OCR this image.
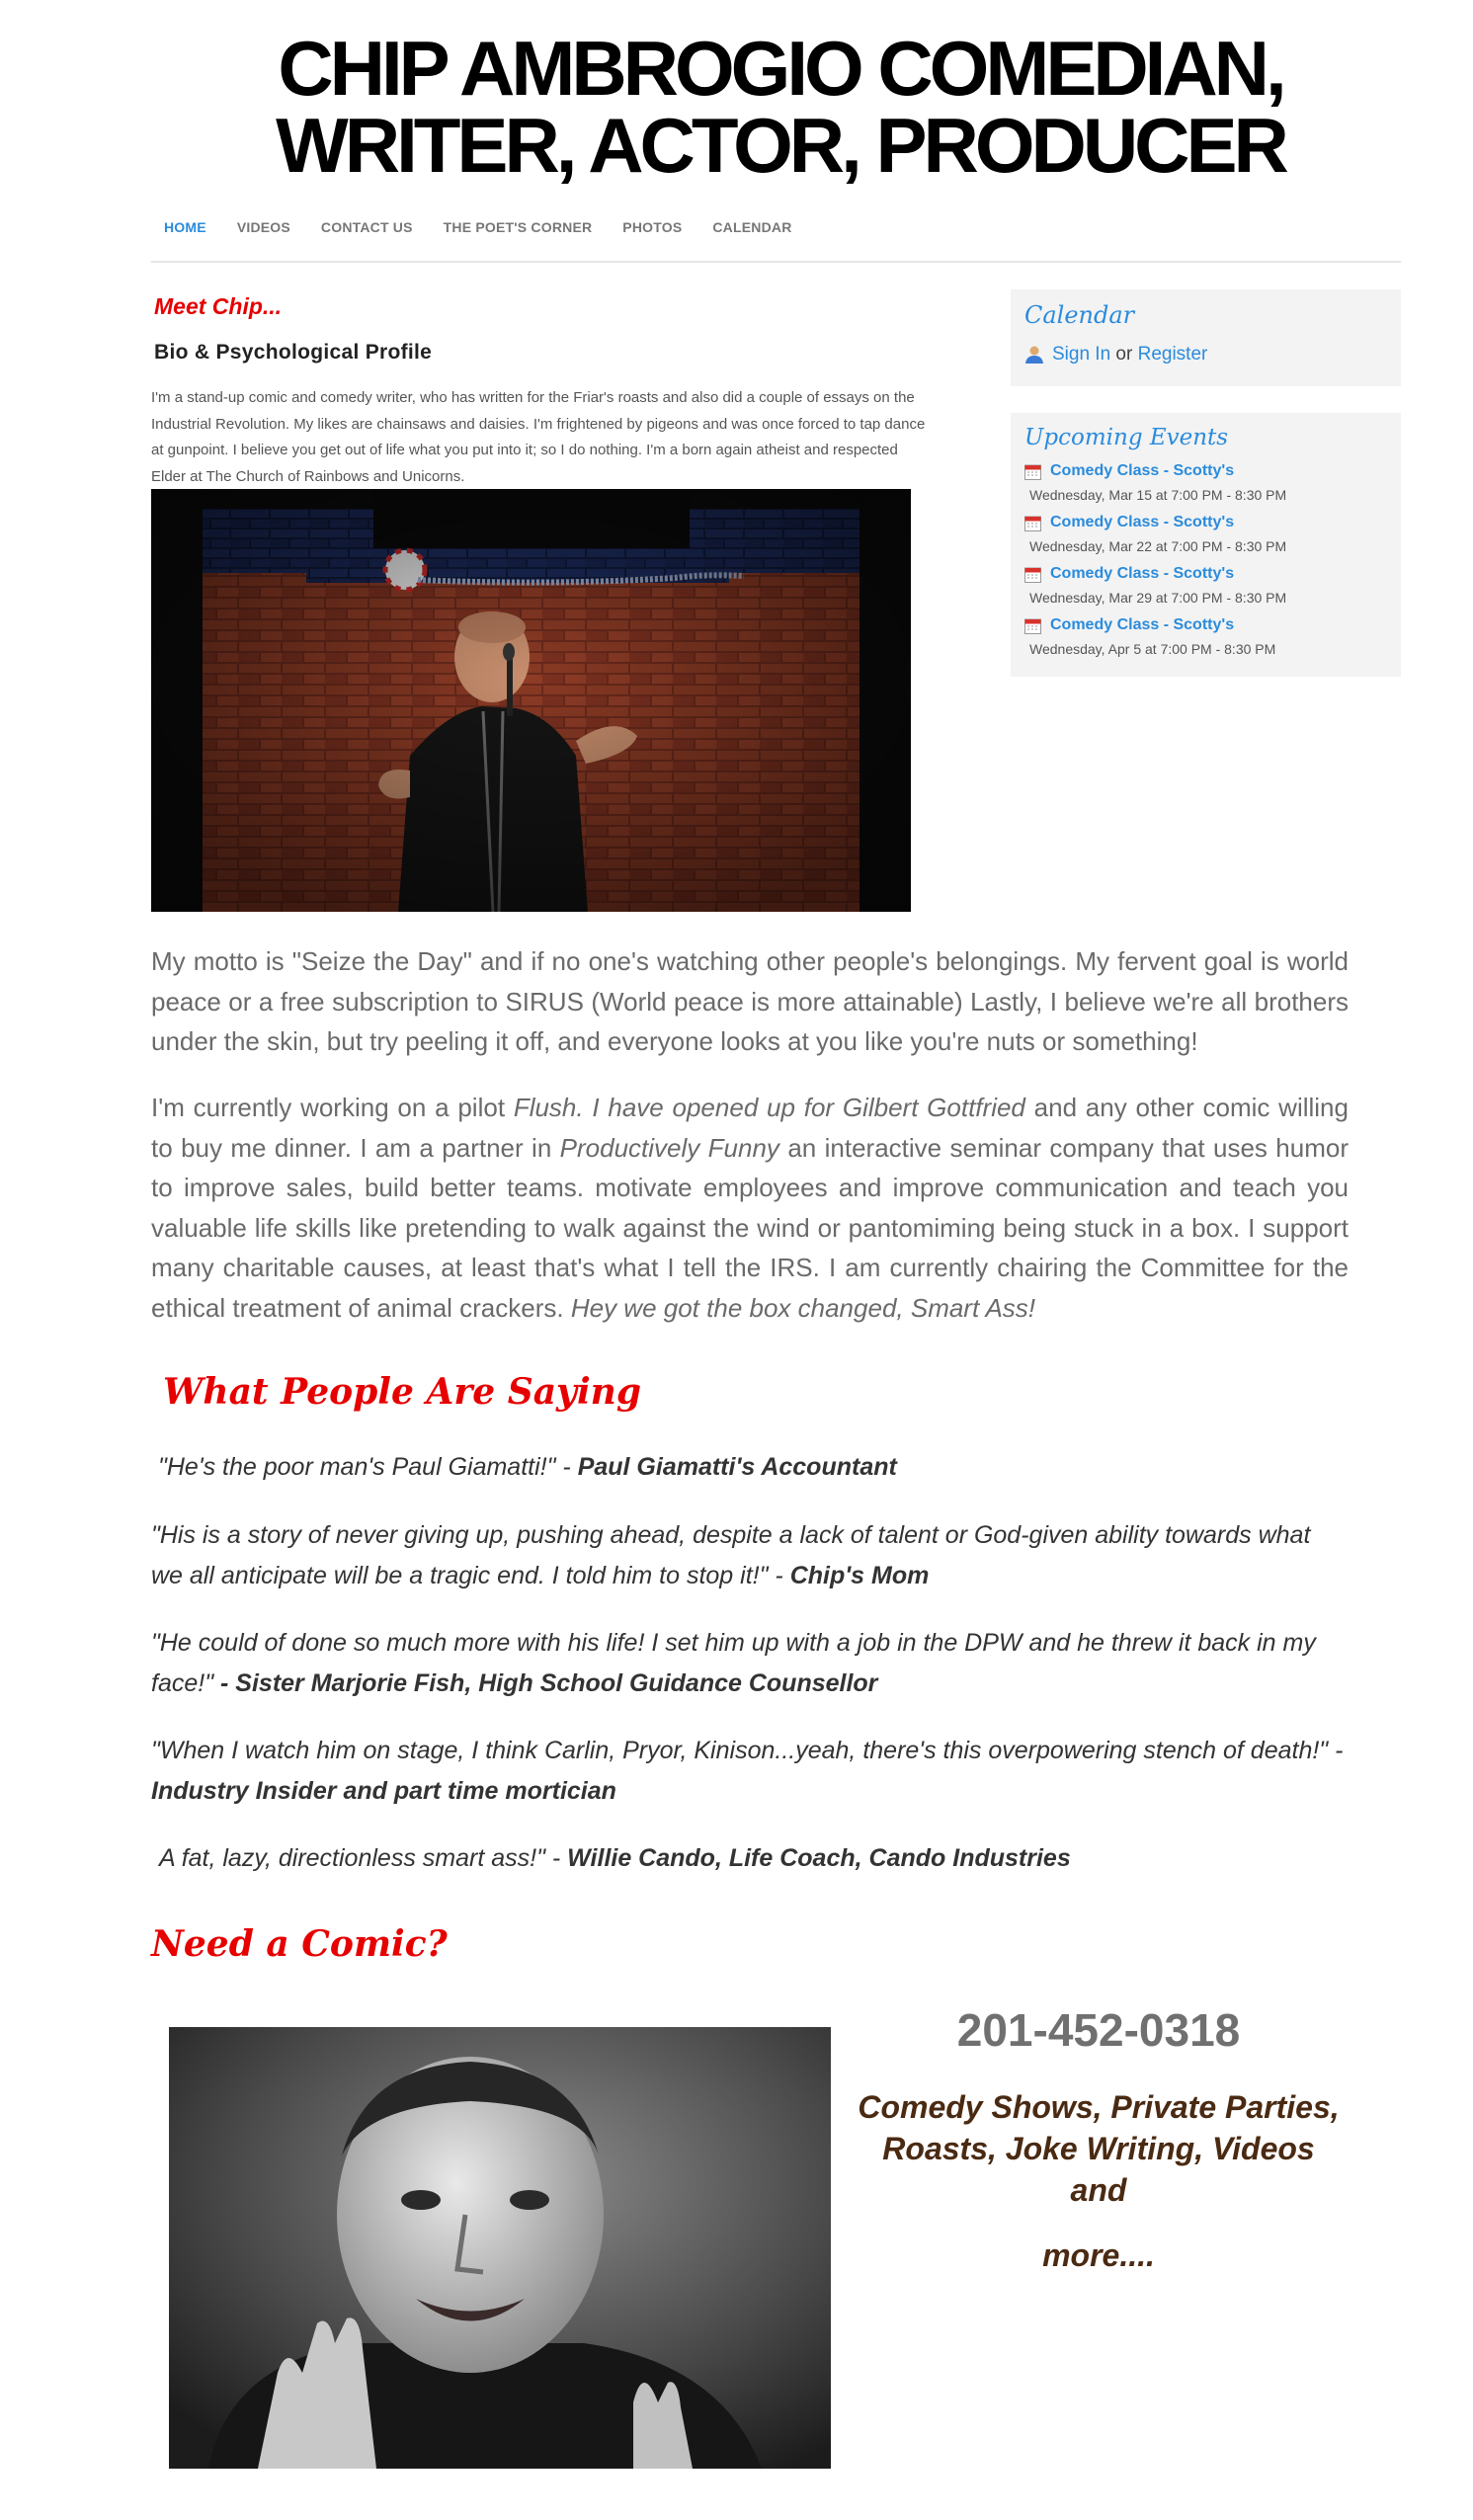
CHIP AMBROGIO COMEDIAN, WRITER, ACTOR, PRODUCER
HOME VIDEOS CONTACT US THE POET'S CORNER PHOTOS CALENDAR

Meet Chip...

Bio & Psychological Profile

I'm a stand-up comic and comedy writer, who has written for the Friar's roasts and also did a couple of essays on the Industrial Revolution. My likes are chainsaws and daisies. I'm frightened by pigeons and was once forced to tap dance at gunpoint. I believe you get out of life what you put into it; so I do nothing. I'm a born again atheist and respected Elder at The Church of Rainbows and Unicorns.

Calendar
Sign In or Register
Upcoming Events
Comedy Class - Scotty's
Wednesday, Mar 15 at 7:00 PM - 8:30 PM
Comedy Class - Scotty's
Wednesday, Mar 22 at 7:00 PM - 8:30 PM
Comedy Class - Scotty's
Wednesday, Mar 29 at 7:00 PM - 8:30 PM
Comedy Class - Scotty's
Wednesday, Apr 5 at 7:00 PM - 8:30 PM

My motto is "Seize the Day" and if no one's watching other people's belongings. My fervent goal is world peace or a free subscription to SIRUS (World peace is more attainable) Lastly, I believe we're all brothers under the skin, but try peeling it off, and everyone looks at you like you're nuts or something!

I'm currently working on a pilot Flush. I have opened up for Gilbert Gottfried and any other comic willing to buy me dinner. I am a partner in Productively Funny an interactive seminar company that uses humor to improve sales, build better teams. motivate employees and improve communication and teach you valuable life skills like pretending to walk against the wind or pantomiming being stuck in a box. I support many charitable causes, at least that's what I tell the IRS. I am currently chairing the Committee for the ethical treatment of animal crackers. Hey we got the box changed, Smart Ass!

What People Are Saying

"He's the poor man's Paul Giamatti!" - Paul Giamatti's Accountant

"His is a story of never giving up, pushing ahead, despite a lack of talent or God-given ability towards what we all anticipate will be a tragic end. I told him to stop it!" - Chip's Mom

"He could of done so much more with his life! I set him up with a job in the DPW and he threw it back in my face!" - Sister Marjorie Fish, High School Guidance Counsellor

"When I watch him on stage, I think Carlin, Pryor, Kinison...yeah, there's this overpowering stench of death!" - Industry Insider and part time mortician

A fat, lazy, directionless smart ass!" - Willie Cando, Life Coach, Cando Industries

Need a Comic?

201-452-0318

Comedy Shows, Private Parties, Roasts, Joke Writing, Videos and

more....
